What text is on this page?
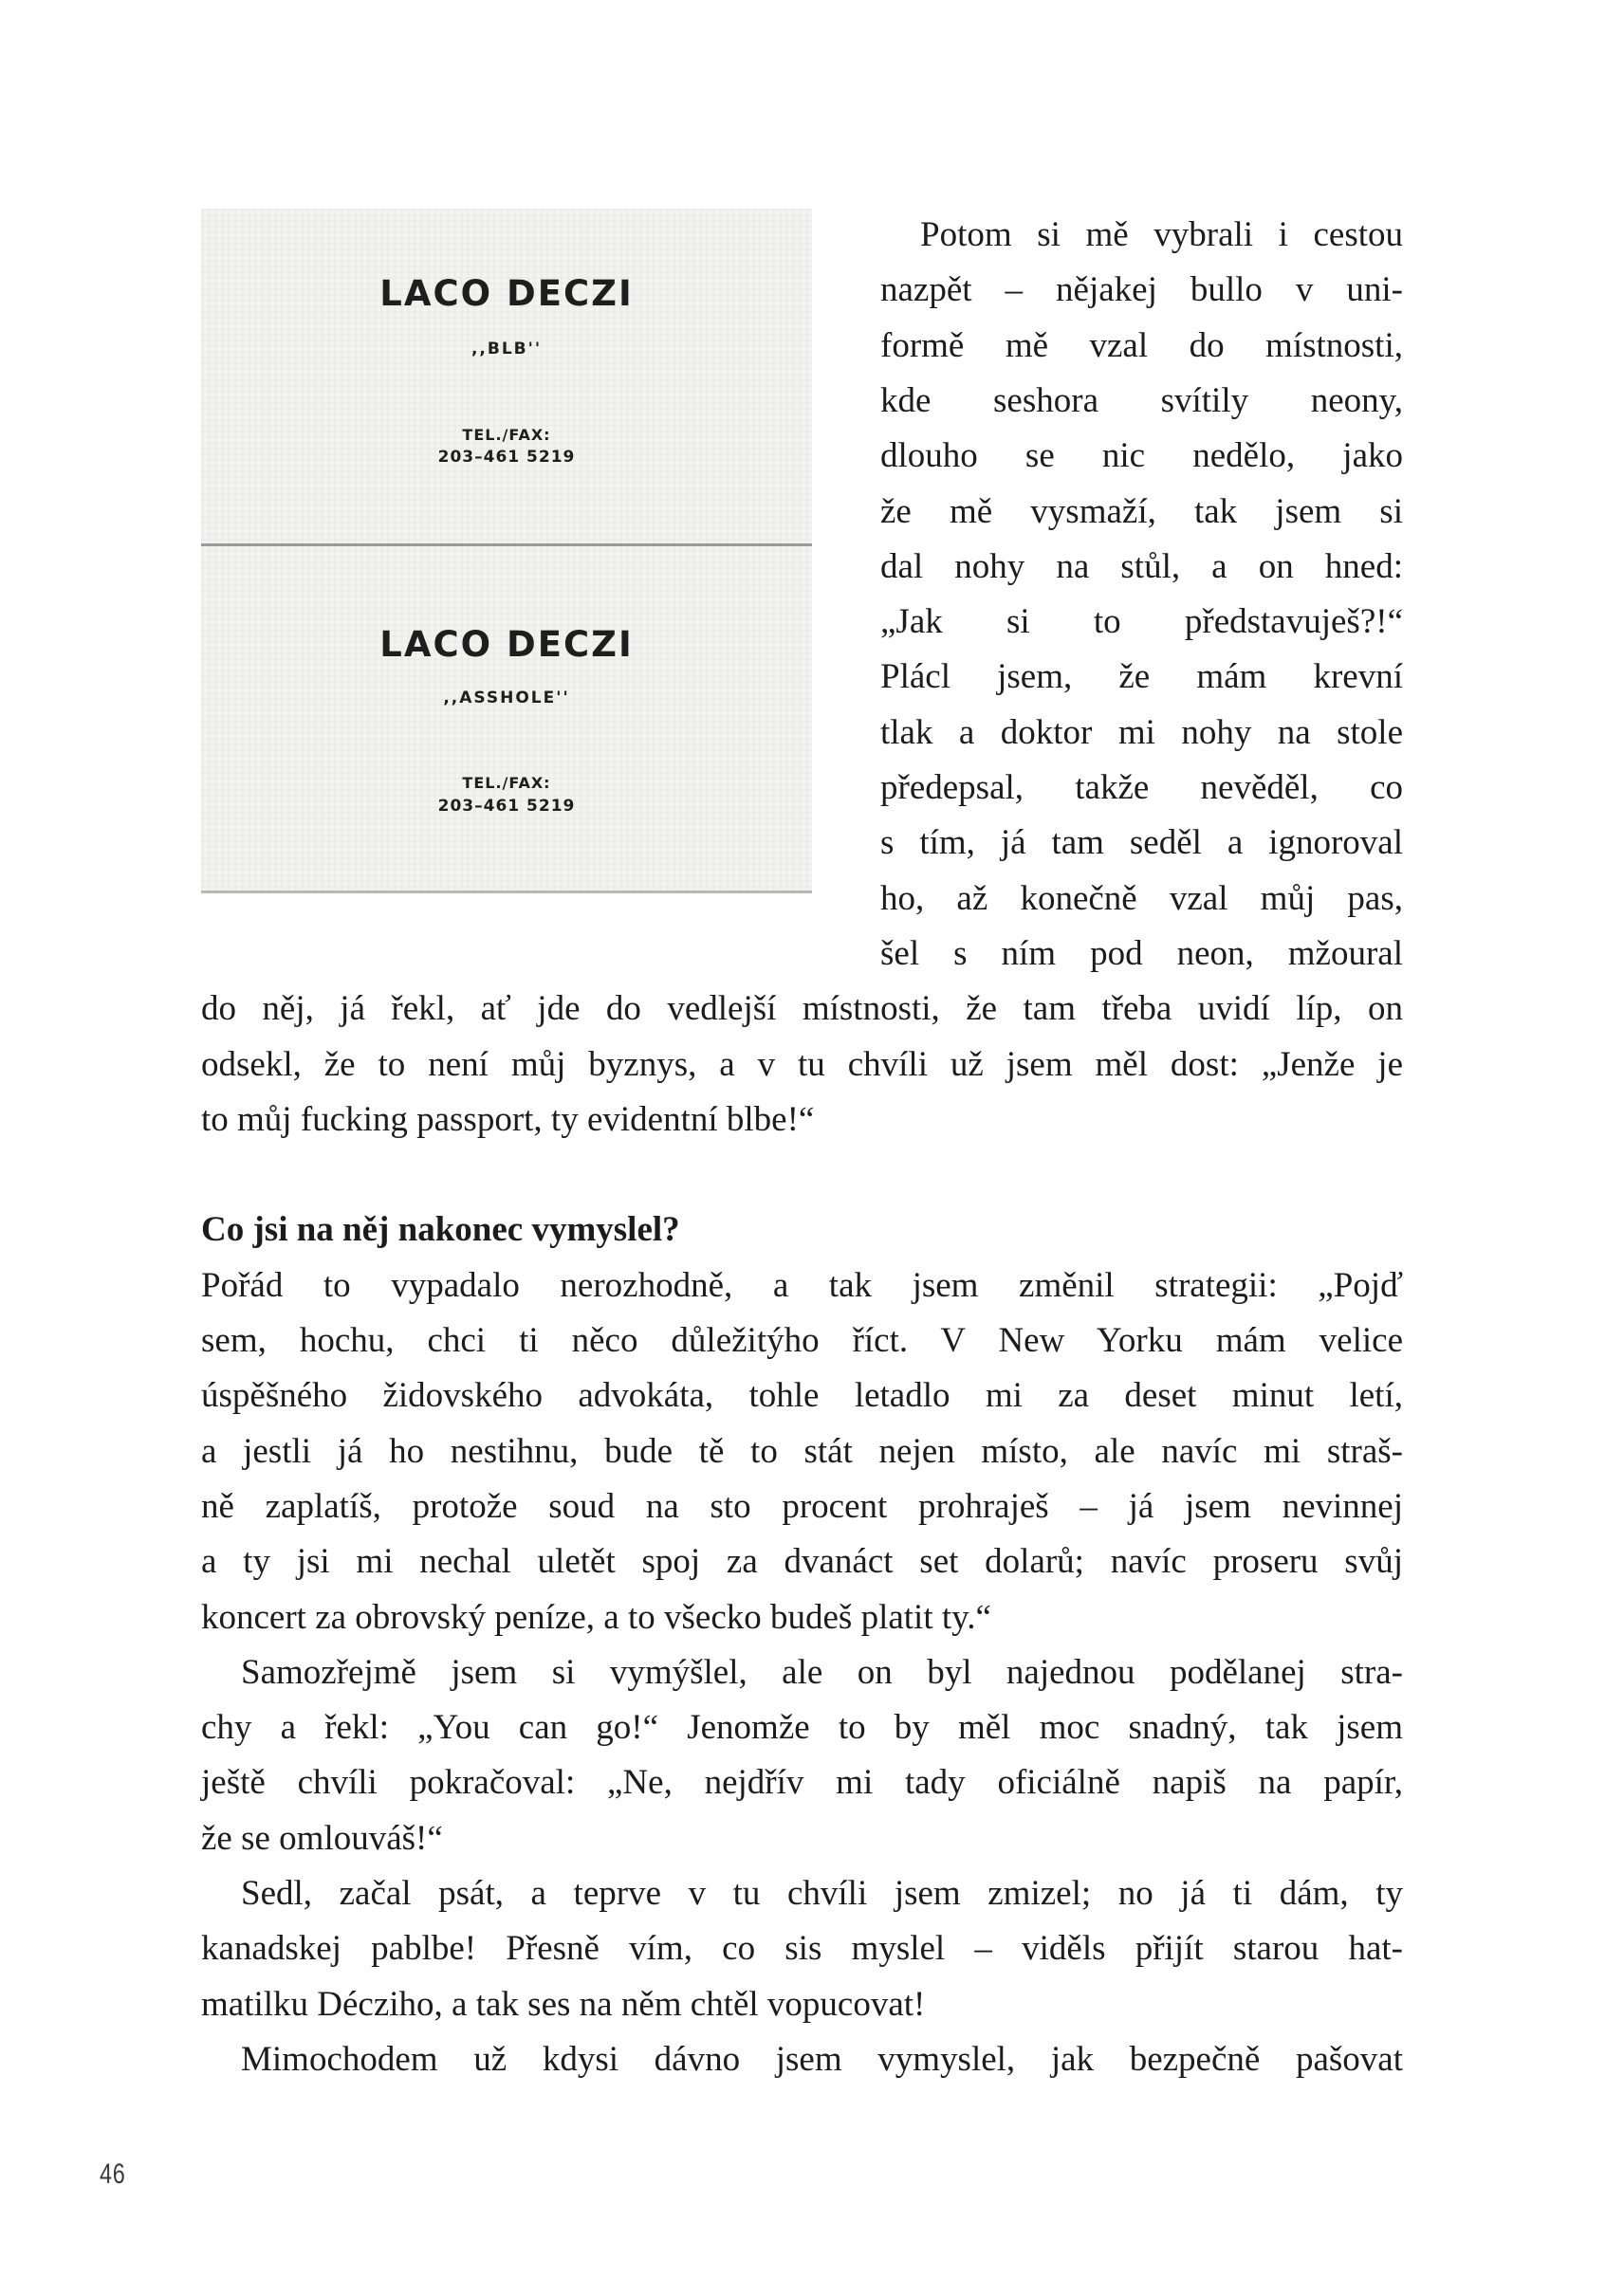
LACO DECZI
,,BLB''
TEL./FAX:
203–461 5219
LACO DECZI
,,ASSHOLE''
TEL./FAX:
203–461 5219
Potom si mě vybrali i cestou
nazpět – nějakej bullo v uni-
formě mě vzal do místnosti,
kde seshora svítily neony,
dlouho se nic nedělo, jako
že mě vysmaží, tak jsem si
dal nohy na stůl, a on hned:
„Jak si to představuješ?!“
Plácl jsem, že mám krevní
tlak a doktor mi nohy na stole
předepsal, takže nevěděl, co
s tím, já tam seděl a ignoroval
ho, až konečně vzal můj pas,
šel s ním pod neon, mžoural
do něj, já řekl, ať jde do vedlejší místnosti, že tam třeba uvidí líp, on
odsekl, že to není můj byznys, a v tu chvíli už jsem měl dost: „Jenže je
to můj fucking passport, ty evidentní blbe!“
Co jsi na něj nakonec vymyslel?
Pořád to vypadalo nerozhodně, a tak jsem změnil strategii: „Pojď
sem, hochu, chci ti něco důležitýho říct. V New Yorku mám velice
úspěšného židovského advokáta, tohle letadlo mi za deset minut letí,
a jestli já ho nestihnu, bude tě to stát nejen místo, ale navíc mi straš-
ně zaplatíš, protože soud na sto procent prohraješ – já jsem nevinnej
a ty jsi mi nechal uletět spoj za dvanáct set dolarů; navíc proseru svůj
koncert za obrovský peníze, a to všecko budeš platit ty.“
Samozřejmě jsem si vymýšlel, ale on byl najednou podělanej stra-
chy a řekl: „You can go!“ Jenomže to by měl moc snadný, tak jsem
ještě chvíli pokračoval: „Ne, nejdřív mi tady oficiálně napiš na papír,
že se omlouváš!“
Sedl, začal psát, a teprve v tu chvíli jsem zmizel; no já ti dám, ty
kanadskej pablbe! Přesně vím, co sis myslel – viděls přijít starou hat-
matilku Décziho, a tak ses na něm chtěl vopucovat!
Mimochodem už kdysi dávno jsem vymyslel, jak bezpečně pašovat
46
